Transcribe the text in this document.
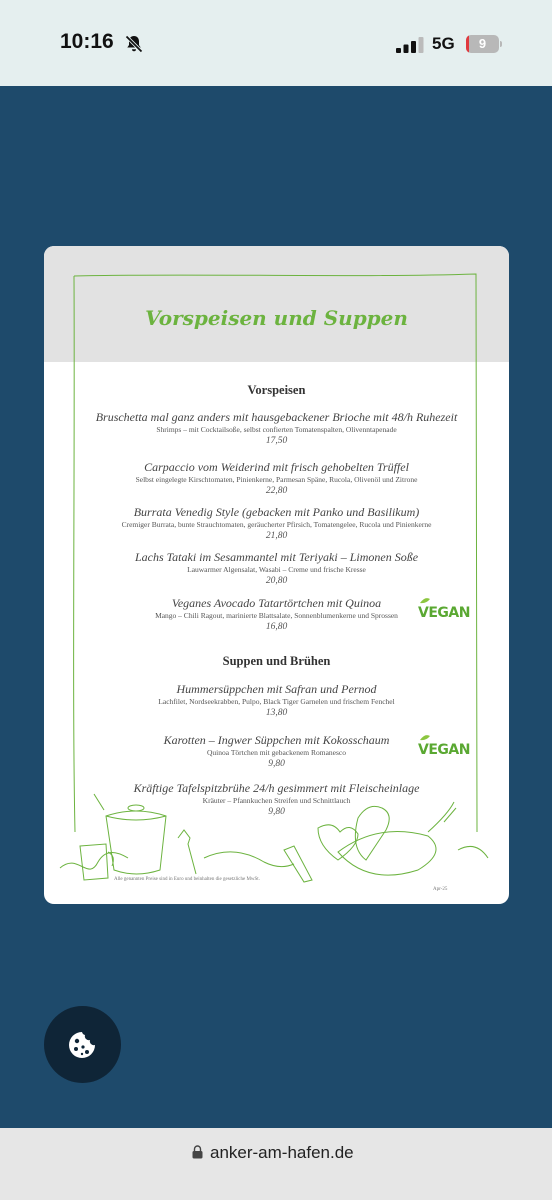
10:16	5G	9
Vorspeisen und Suppen
Vorspeisen
Bruschetta mal ganz anders mit hausgebackener Brioche mit 48/h Ruhezeit
Shrimps – mit Cocktailsoße, selbst confierten Tomatenspalten, Olivenntapenade
17,50
Carpaccio vom Weiderind mit frisch gehobelten Trüffel
Selbst eingelegte Kirschtomaten, Pinienkerne, Parmesan Späne, Rucola, Olivenöl und Zitrone
22,80
Burrata Venedig Style (gebacken mit Panko und Basilikum)
Cremiger Burrata, bunte Strauchtomaten, geräucherter Pfirsich, Tomatengelee, Rucola und Pinienkerne
21,80
Lachs Tataki im Sesammantel mit Teriyaki – Limonen Soße
Lauwarmer Algensalat, Wasabi – Creme und frische Kresse
20,80
Veganes Avocado Tatartörtchen mit Quinoa
Mango – Chili Ragout, marinierte Blattsalate, Sonnenblumenkerne und Sprossen
16,80
VEGAN
Suppen und Brühen
Hummersüppchen mit Safran und Pernod
Lachfilet, Nordseekrabben, Pulpo, Black Tiger Garnelen und frischem Fenchel
13,80
Karotten – Ingwer Süppchen mit Kokosschaum
Quinoa Törtchen mit gebackenem Romanesco
9,80
VEGAN
Kräftige Tafelspitzbrühe 24/h gesimmert mit Fleischeinlage
Kräuter – Pfannkuchen Streifen und Schnittlauch
9,80
Alle genannten Preise sind in Euro und beinhalten die gesetzliche MwSt.
Apr-25
anker-am-hafen.de
